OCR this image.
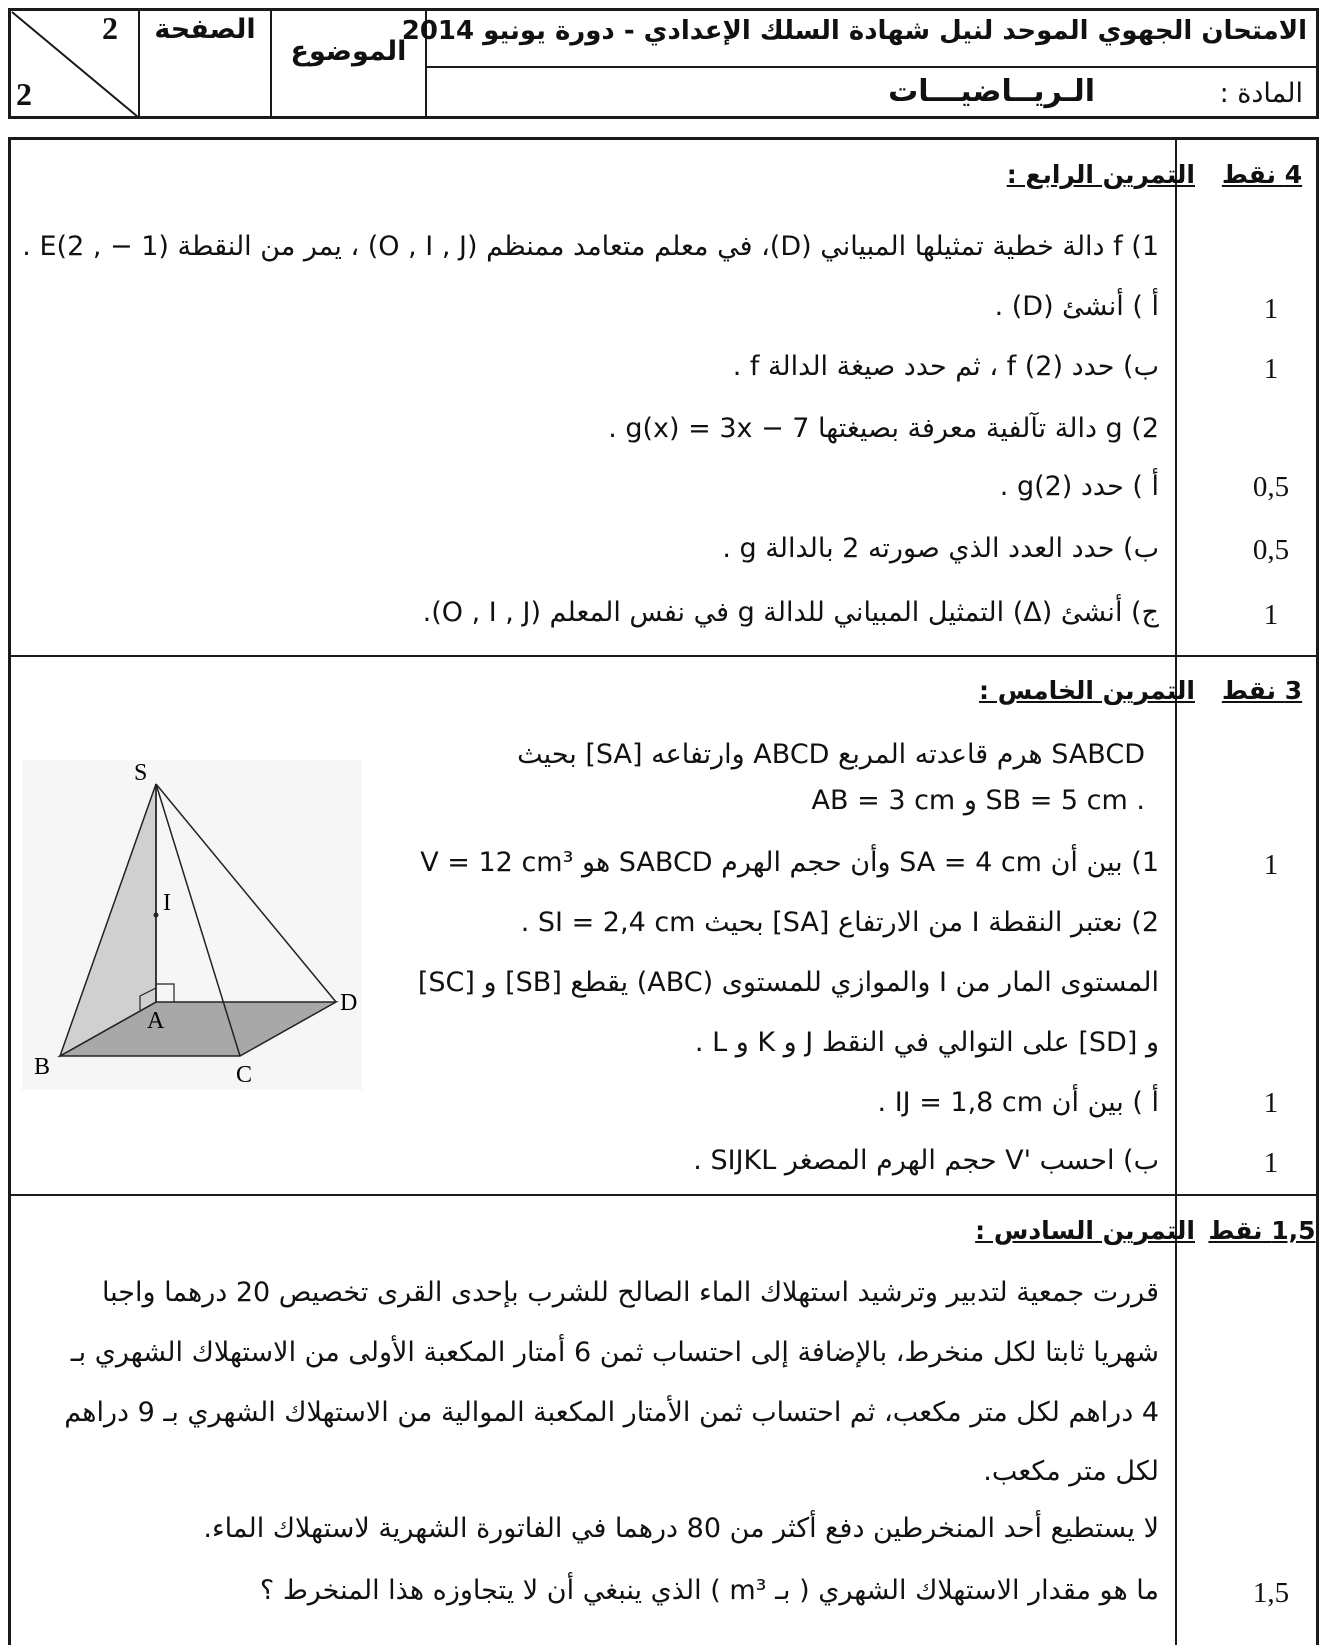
2
2
الصفحة
الموضوع
الامتحان الجهوي الموحد لنيل شهادة السلك الإعدادي - دورة يونيو 2014
المادة :
الـريــاضيـــات
4 نقط
التمرين الرابع :
1) f دالة خطية تمثيلها المبياني (D)، في معلم متعامد ممنظم (O , I , J) ، يمر من النقطة (1 − , 2)E .
1
أ ) أنشئ (D) .
1
ب) حدد f (2) ، ثم حدد صيغة الدالة f .
2) g دالة تآلفية معرفة بصيغتها g(x) = 3x − 7 .
0,5
أ ) حدد g(2) .
0,5
ب) حدد العدد الذي صورته 2 بالدالة g .
1
ج) أنشئ (Δ) التمثيل المبياني للدالة g في نفس المعلم (O , I , J).
3 نقط
التمرين الخامس :
SABCD هرم قاعدته المربع ABCD وارتفاعه [SA] بحيث
. SB = 5 cm و AB = 3 cm
1
1) بين أن SA = 4 cm وأن حجم الهرم SABCD هو V = 12 cm³
2) نعتبر النقطة I من الارتفاع [SA] بحيث SI = 2,4 cm .
المستوى المار من I والموازي للمستوى (ABC) يقطع [SB] و [SC]
و [SD] على التوالي في النقط J و K و L .
1
أ ) بين أن IJ = 1,8 cm .
1
ب) احسب 'V حجم الهرم المصغر SIJKL .
S
I
A
B	C
D
1,5 نقط
التمرين السادس :
قررت جمعية لتدبير وترشيد استهلاك الماء الصالح للشرب بإحدى القرى تخصيص 20 درهما واجبا
شهريا ثابتا لكل منخرط، بالإضافة إلى احتساب ثمن 6 أمتار المكعبة الأولى من الاستهلاك الشهري بـ
4 دراهم لكل متر مكعب، ثم احتساب ثمن الأمتار المكعبة الموالية من الاستهلاك الشهري بـ 9 دراهم
لكل متر مكعب.
لا يستطيع أحد المنخرطين دفع أكثر من 80 درهما في الفاتورة الشهرية لاستهلاك الماء.
1,5
ما هو مقدار الاستهلاك الشهري ( بـ m³ ) الذي ينبغي أن لا يتجاوزه هذا المنخرط ؟
